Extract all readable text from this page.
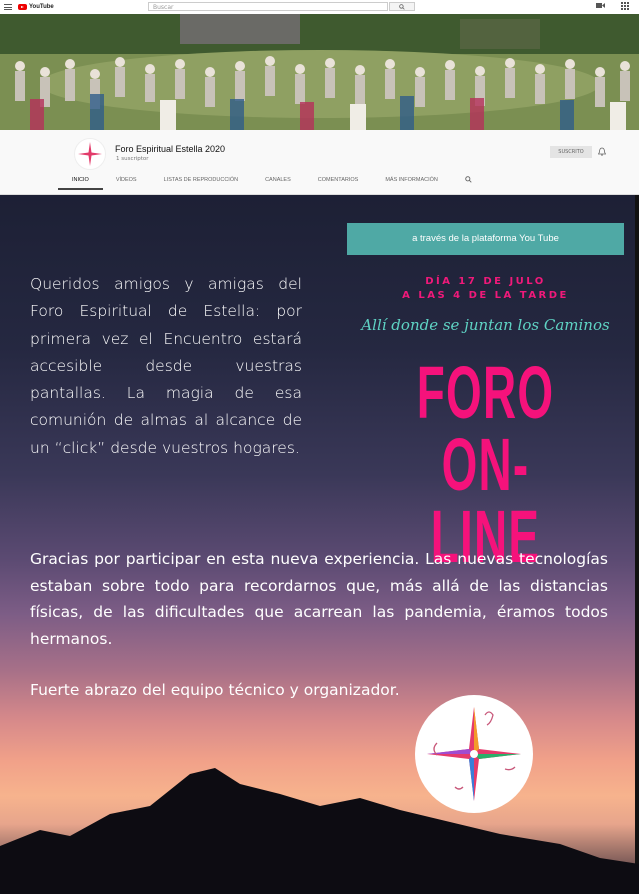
YouTube	Buscar
Foro Espiritual Estella 2020
1 suscriptor
SUSCRITO
INICIO	VÍDEOS	LISTAS DE REPRODUCCIÓN	CANALES	COMENTARIOS	MÁS INFORMACIÓN
a través de la plataforma You Tube
DÍA 17 DE JULO
A LAS 4 DE LA TARDE
Allí donde se juntan los Caminos
FORO
ON-LINE
Queridos amigos y amigas del Foro Espiritual de Estella: por primera vez el Encuentro estará accesible desde vuestras pantallas. La magia de esa comunión de almas al alcance de un “click” desde vuestros hogares.
Gracias por participar en esta nueva experiencia. Las nuevas tecnologías estaban sobre todo para recordarnos que, más allá de las distancias físicas, de las dificultades que acarrean las pandemia, éramos todos hermanos.
Fuerte abrazo del equipo técnico y organizador.
